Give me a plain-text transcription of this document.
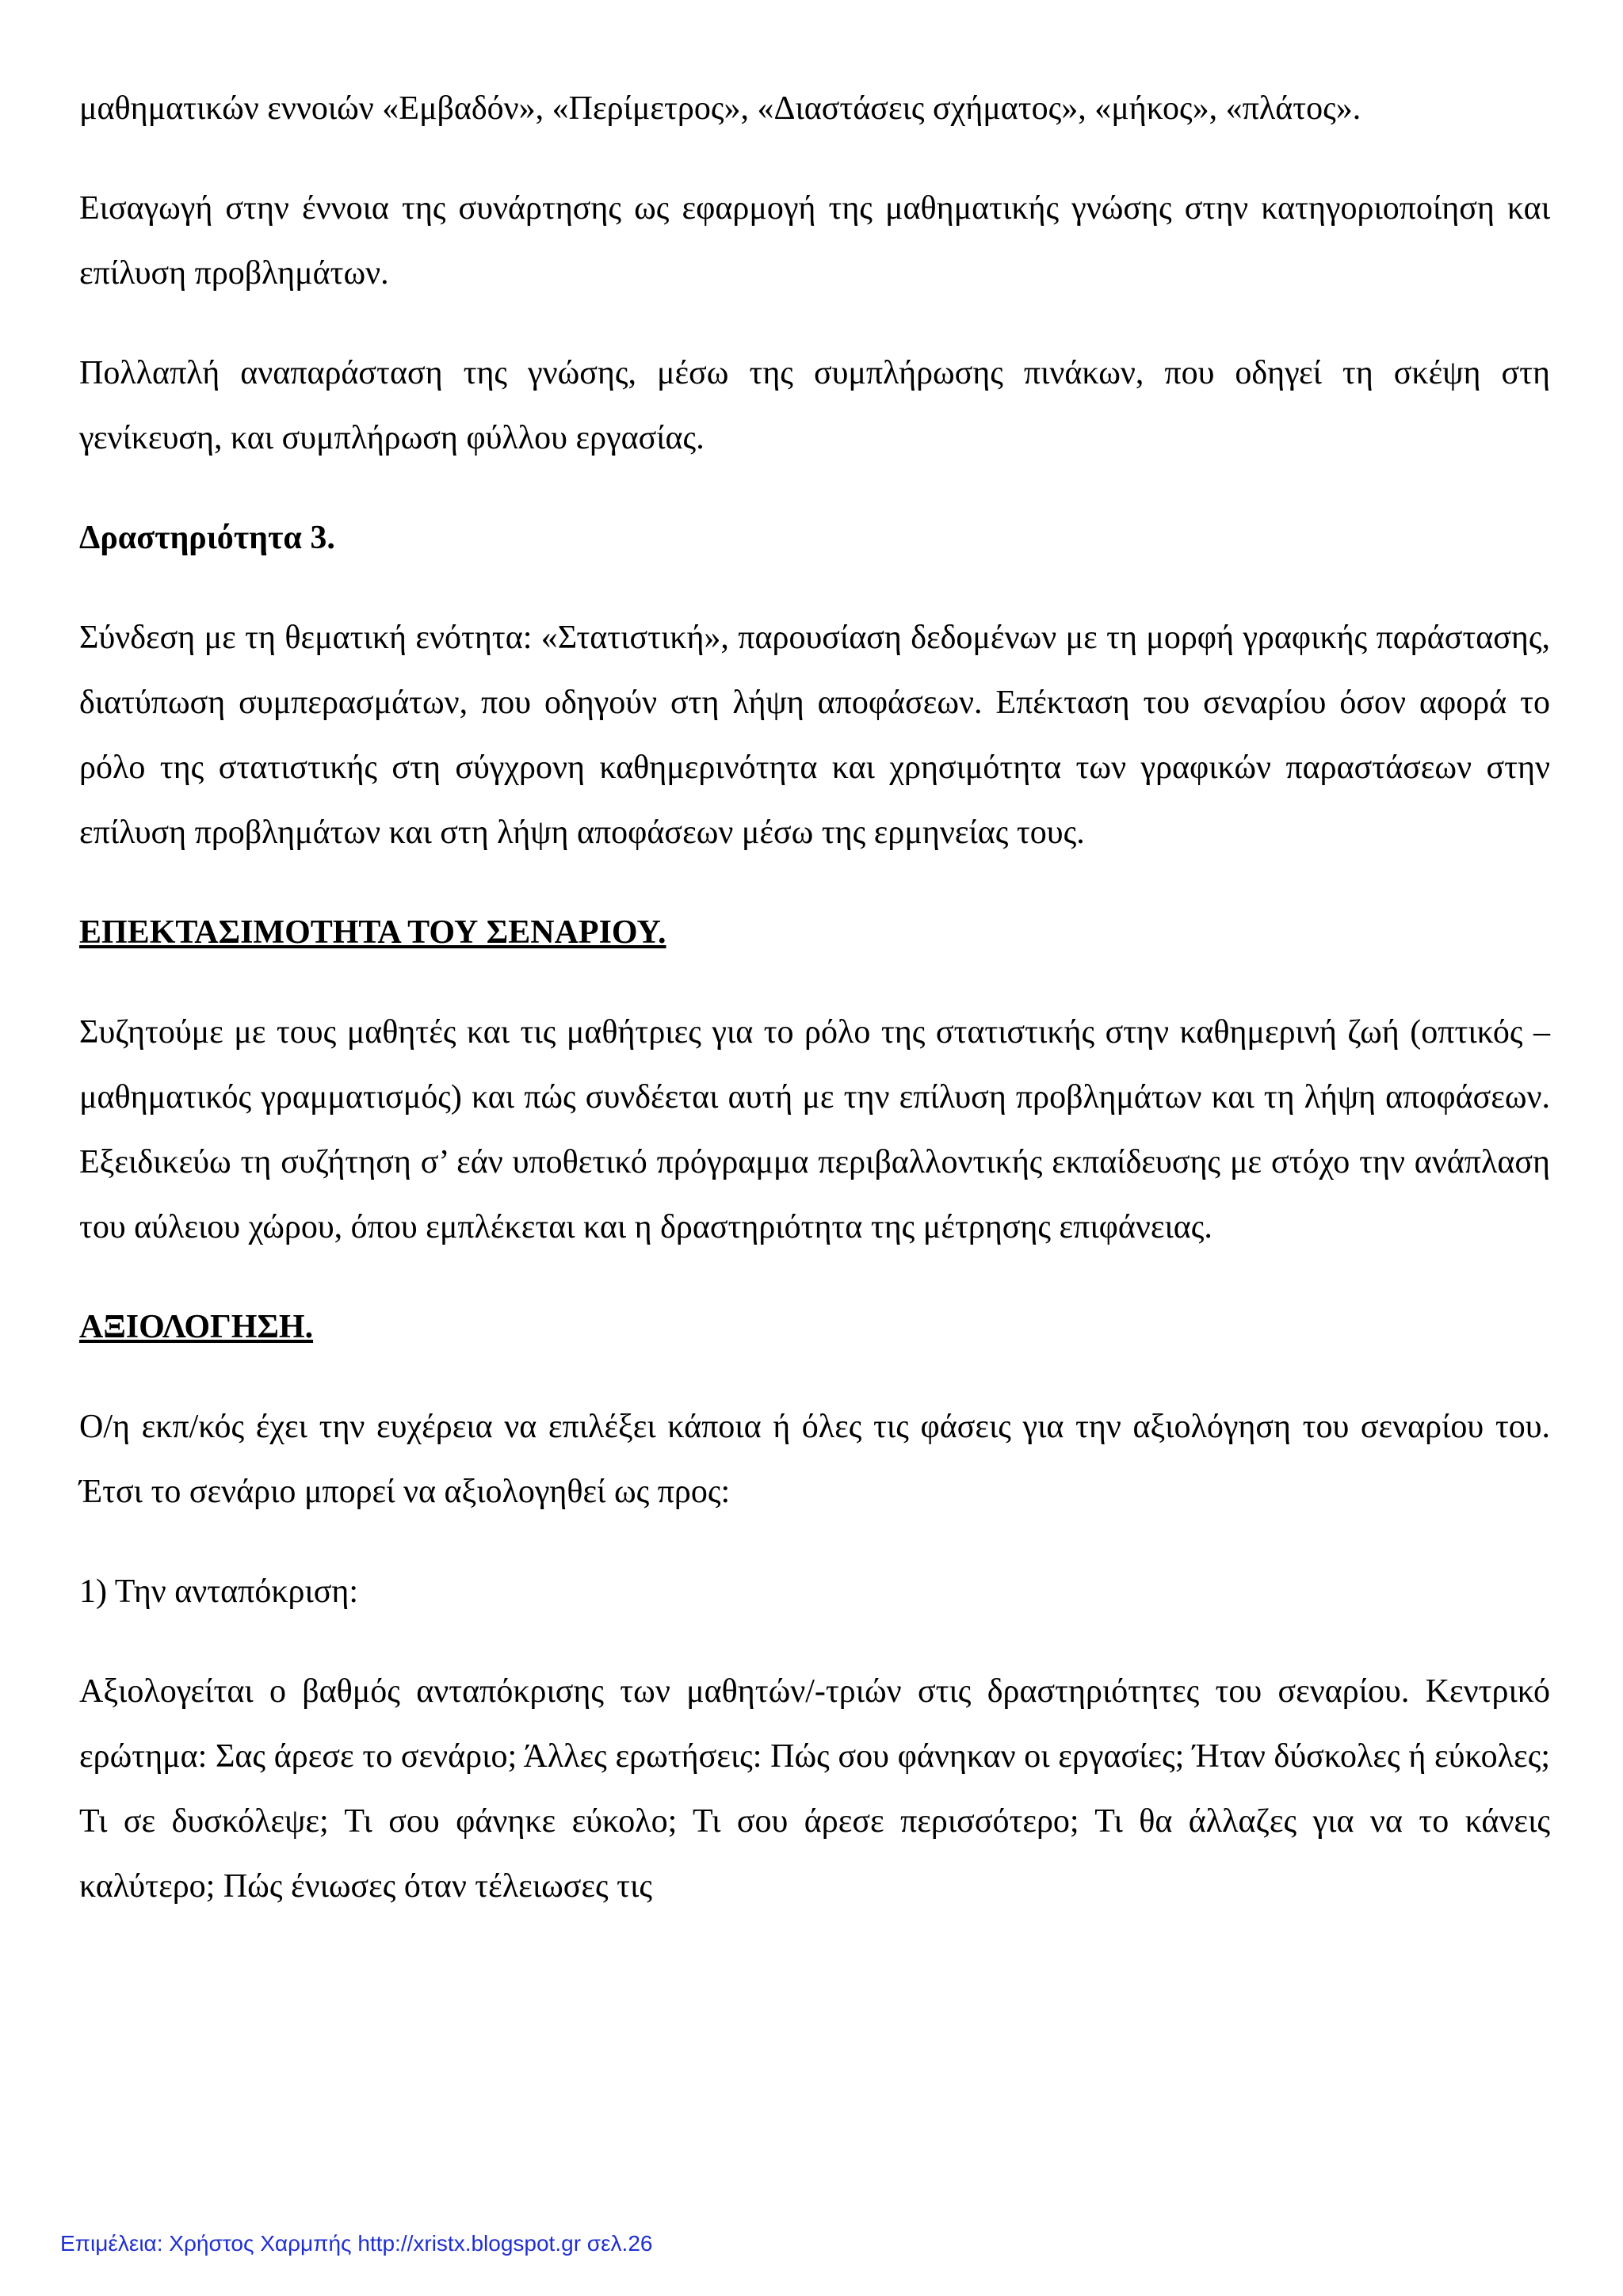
μαθηματικών εννοιών «Εμβαδόν», «Περίμετρος», «Διαστάσεις σχήματος», «μήκος», «πλάτος».

Εισαγωγή στην έννοια της συνάρτησης ως εφαρμογή της μαθηματικής γνώσης στην κατηγοριοποίηση και επίλυση προβλημάτων.

Πολλαπλή αναπαράσταση της γνώσης, μέσω της συμπλήρωσης πινάκων, που οδηγεί τη σκέψη στη γενίκευση, και συμπλήρωση φύλλου εργασίας.

Δραστηριότητα 3.

Σύνδεση με τη θεματική ενότητα: «Στατιστική», παρουσίαση δεδομένων με τη μορφή γραφικής παράστασης, διατύπωση συμπερασμάτων, που οδηγούν στη λήψη αποφάσεων. Επέκταση του σεναρίου όσον αφορά το ρόλο της στατιστικής στη σύγχρονη καθημερινότητα και χρησιμότητα των γραφικών παραστάσεων στην επίλυση προβλημάτων και στη λήψη αποφάσεων μέσω της ερμηνείας τους.

ΕΠΕΚΤΑΣΙΜΟΤΗΤΑ ΤΟΥ ΣΕΝΑΡΙΟΥ.

Συζητούμε με τους μαθητές και τις μαθήτριες για το ρόλο της στατιστικής στην καθημερινή ζωή (οπτικός – μαθηματικός γραμματισμός) και πώς συνδέεται αυτή με την επίλυση προβλημάτων και τη λήψη αποφάσεων. Εξειδικεύω τη συζήτηση σ’ εάν υποθετικό πρόγραμμα περιβαλλοντικής εκπαίδευσης με στόχο την ανάπλαση του αύλειου χώρου, όπου εμπλέκεται και η δραστηριότητα της μέτρησης επιφάνειας.

ΑΞΙΟΛΟΓΗΣΗ.

Ο/η εκπ/κός έχει την ευχέρεια να επιλέξει κάποια ή όλες τις φάσεις για την αξιολόγηση του σεναρίου του. Έτσι το σενάριο μπορεί να αξιολογηθεί ως προς:

1) Την ανταπόκριση:

Αξιολογείται ο βαθμός ανταπόκρισης των μαθητών/-τριών στις δραστηριότητες του σεναρίου. Κεντρικό ερώτημα: Σας άρεσε το σενάριο; Άλλες ερωτήσεις: Πώς σου φάνηκαν οι εργασίες; Ήταν δύσκολες ή εύκολες; Τι σε δυσκόλεψε; Τι σου φάνηκε εύκολο; Τι σου άρεσε περισσότερο; Τι θα άλλαζες για να το κάνεις καλύτερο; Πώς ένιωσες όταν τέλειωσες τις

Επιμέλεια: Χρήστος Χαρμπής http://xristx.blogspot.gr σελ.26
